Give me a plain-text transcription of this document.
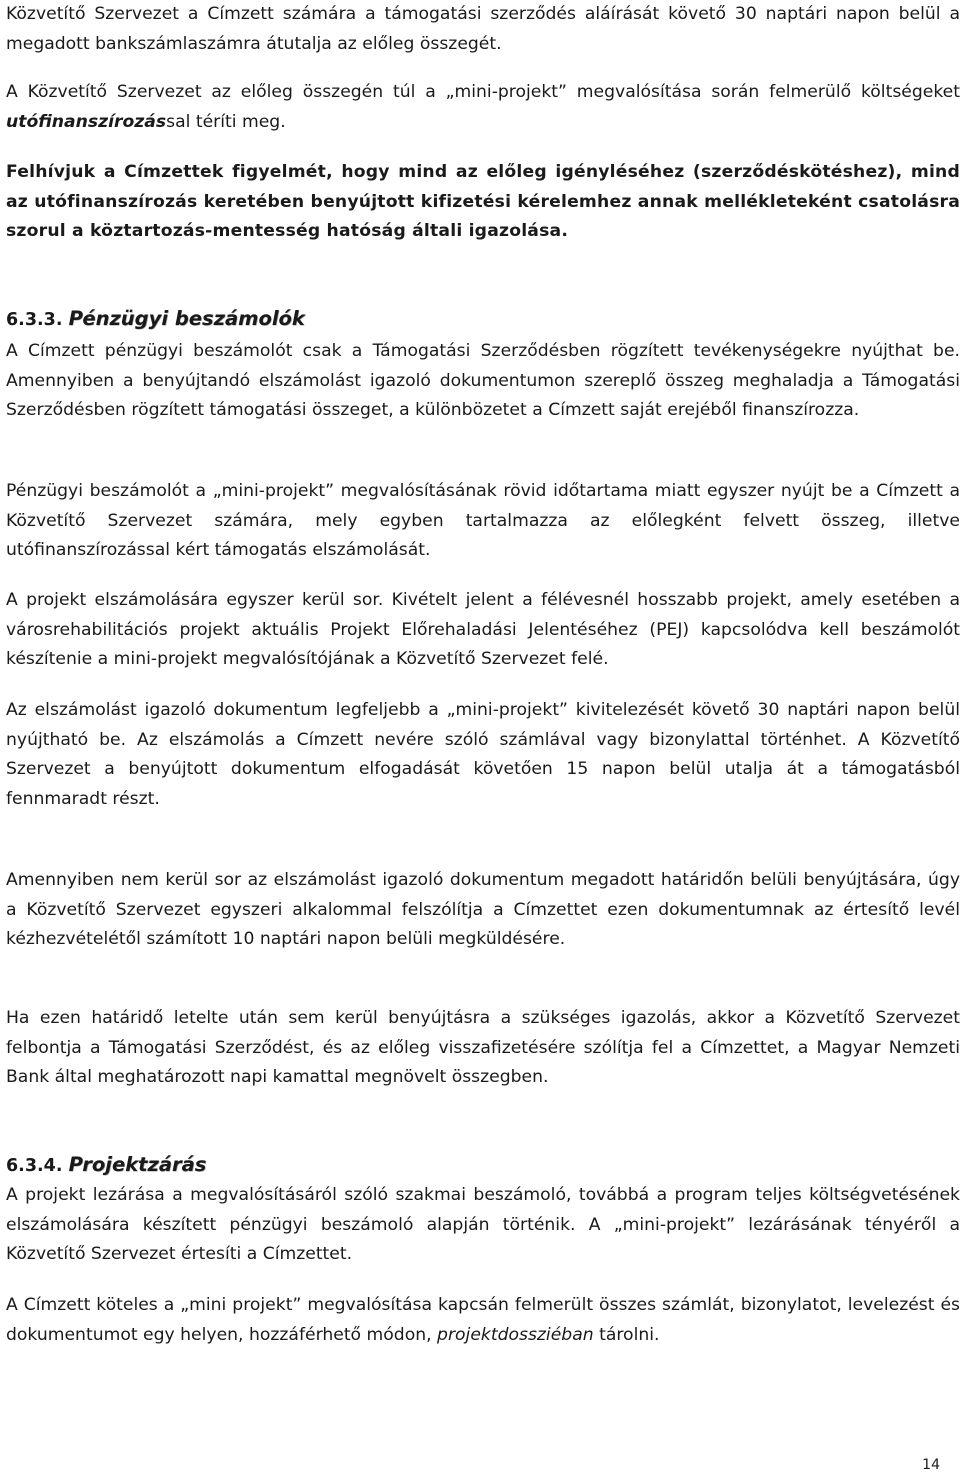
Közvetítő Szervezet a Címzett számára a támogatási szerződés aláírását követő 30 naptári napon belül a megadott bankszámlaszámra átutalja az előleg összegét.

A Közvetítő Szervezet az előleg összegén túl a „mini-projekt” megvalósítása során felmerülő költségeket utófinanszírozással téríti meg.

Felhívjuk a Címzettek figyelmét, hogy mind az előleg igényléséhez (szerződéskötéshez), mind az utófinanszírozás keretében benyújtott kifizetési kérelemhez annak mellékleteként csatolásra szorul a köztartozás-mentesség hatóság általi igazolása.

6.3.3. Pénzügyi beszámolók

A Címzett pénzügyi beszámolót csak a Támogatási Szerződésben rögzített tevékenységekre nyújthat be. Amennyiben a benyújtandó elszámolást igazoló dokumentumon szereplő összeg meghaladja a Támogatási Szerződésben rögzített támogatási összeget, a különbözetet a Címzett saját erejéből finanszírozza.

Pénzügyi beszámolót a „mini-projekt” megvalósításának rövid időtartama miatt egyszer nyújt be a Címzett a Közvetítő Szervezet számára, mely egyben tartalmazza az előlegként felvett összeg, illetve utófinanszírozással kért támogatás elszámolását.

A projekt elszámolására egyszer kerül sor. Kivételt jelent a félévesnél hosszabb projekt, amely esetében a városrehabilitációs projekt aktuális Projekt Előrehaladási Jelentéséhez (PEJ) kapcsolódva kell beszámolót készítenie a mini-projekt megvalósítójának a Közvetítő Szervezet felé.

Az elszámolást igazoló dokumentum legfeljebb a „mini-projekt” kivitelezését követő 30 naptári napon belül nyújtható be. Az elszámolás a Címzett nevére szóló számlával vagy bizonylattal történhet. A Közvetítő Szervezet a benyújtott dokumentum elfogadását követően 15 napon belül utalja át a támogatásból fennmaradt részt.

Amennyiben nem kerül sor az elszámolást igazoló dokumentum megadott határidőn belüli benyújtására, úgy a Közvetítő Szervezet egyszeri alkalommal felszólítja a Címzettet ezen dokumentumnak az értesítő levél kézhezvételétől számított 10 naptári napon belüli megküldésére.

Ha ezen határidő letelte után sem kerül benyújtásra a szükséges igazolás, akkor a Közvetítő Szervezet felbontja a Támogatási Szerződést, és az előleg visszafizetésére szólítja fel a Címzettet, a Magyar Nemzeti Bank által meghatározott napi kamattal megnövelt összegben.

6.3.4. Projektzárás

A projekt lezárása a megvalósításáról szóló szakmai beszámoló, továbbá a program teljes költségvetésének elszámolására készített pénzügyi beszámoló alapján történik. A „mini-projekt” lezárásának tényéről a Közvetítő Szervezet értesíti a Címzettet.

A Címzett köteles a „mini projekt” megvalósítása kapcsán felmerült összes számlát, bizonylatot, levelezést és dokumentumot egy helyen, hozzáférhető módon, projektdossziéban tárolni.

14
